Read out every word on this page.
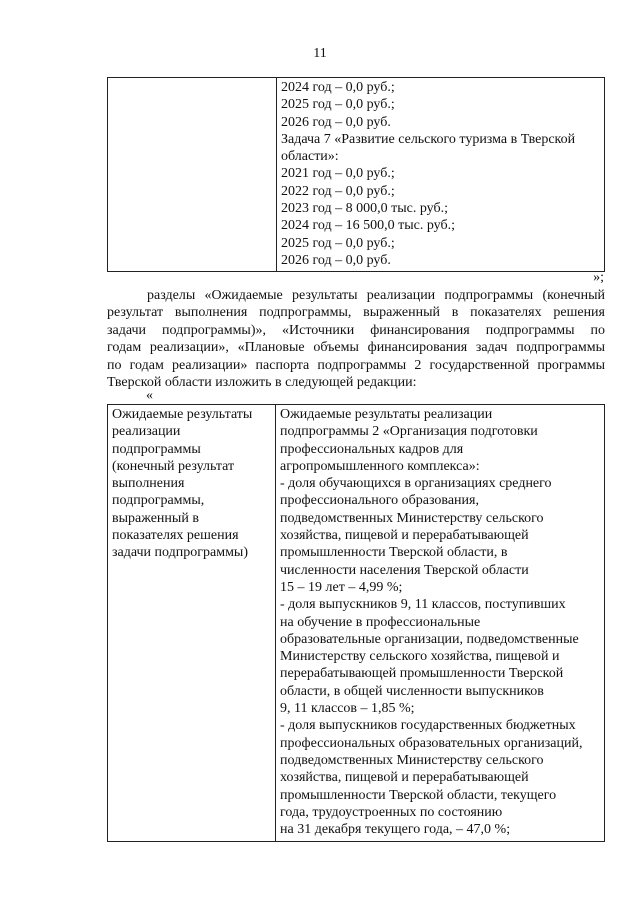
11

2024 год – 0,0 руб.;
2025 год – 0,0 руб.;
2026 год – 0,0 руб.
Задача 7 «Развитие сельского туризма в Тверской
области»:
2021 год – 0,0 руб.;
2022 год – 0,0 руб.;
2023 год – 8 000,0 тыс. руб.;
2024 год – 16 500,0 тыс. руб.;
2025 год – 0,0 руб.;
2026 год – 0,0 руб.
»;
разделы «Ожидаемые результаты реализации подпрограммы (конечный
результат выполнения подпрограммы, выраженный в показателях решения
задачи подпрограммы)», «Источники финансирования подпрограммы по
годам реализации», «Плановые объемы финансирования задач подпрограммы
по годам реализации» паспорта подпрограммы 2 государственной программы
Тверской области изложить в следующей редакции:
«
Ожидаемые результаты
реализации
подпрограммы
(конечный результат
выполнения
подпрограммы,
выраженный в
показателях решения
задачи подпрограммы)

Ожидаемые результаты реализации
подпрограммы 2 «Организация подготовки
профессиональных кадров для
агропромышленного комплекса»:
- доля обучающихся в организациях среднего
профессионального образования,
подведомственных Министерству сельского
хозяйства, пищевой и перерабатывающей
промышленности Тверской области, в
численности населения Тверской области
15 – 19 лет – 4,99 %;
- доля выпускников 9, 11 классов, поступивших
на обучение в профессиональные
образовательные организации, подведомственные
Министерству сельского хозяйства, пищевой и
перерабатывающей промышленности Тверской
области, в общей численности выпускников
9, 11 классов – 1,85 %;
- доля выпускников государственных бюджетных
профессиональных образовательных организаций,
подведомственных Министерству сельского
хозяйства, пищевой и перерабатывающей
промышленности Тверской области, текущего
года, трудоустроенных по состоянию
на 31 декабря текущего года, – 47,0 %;
